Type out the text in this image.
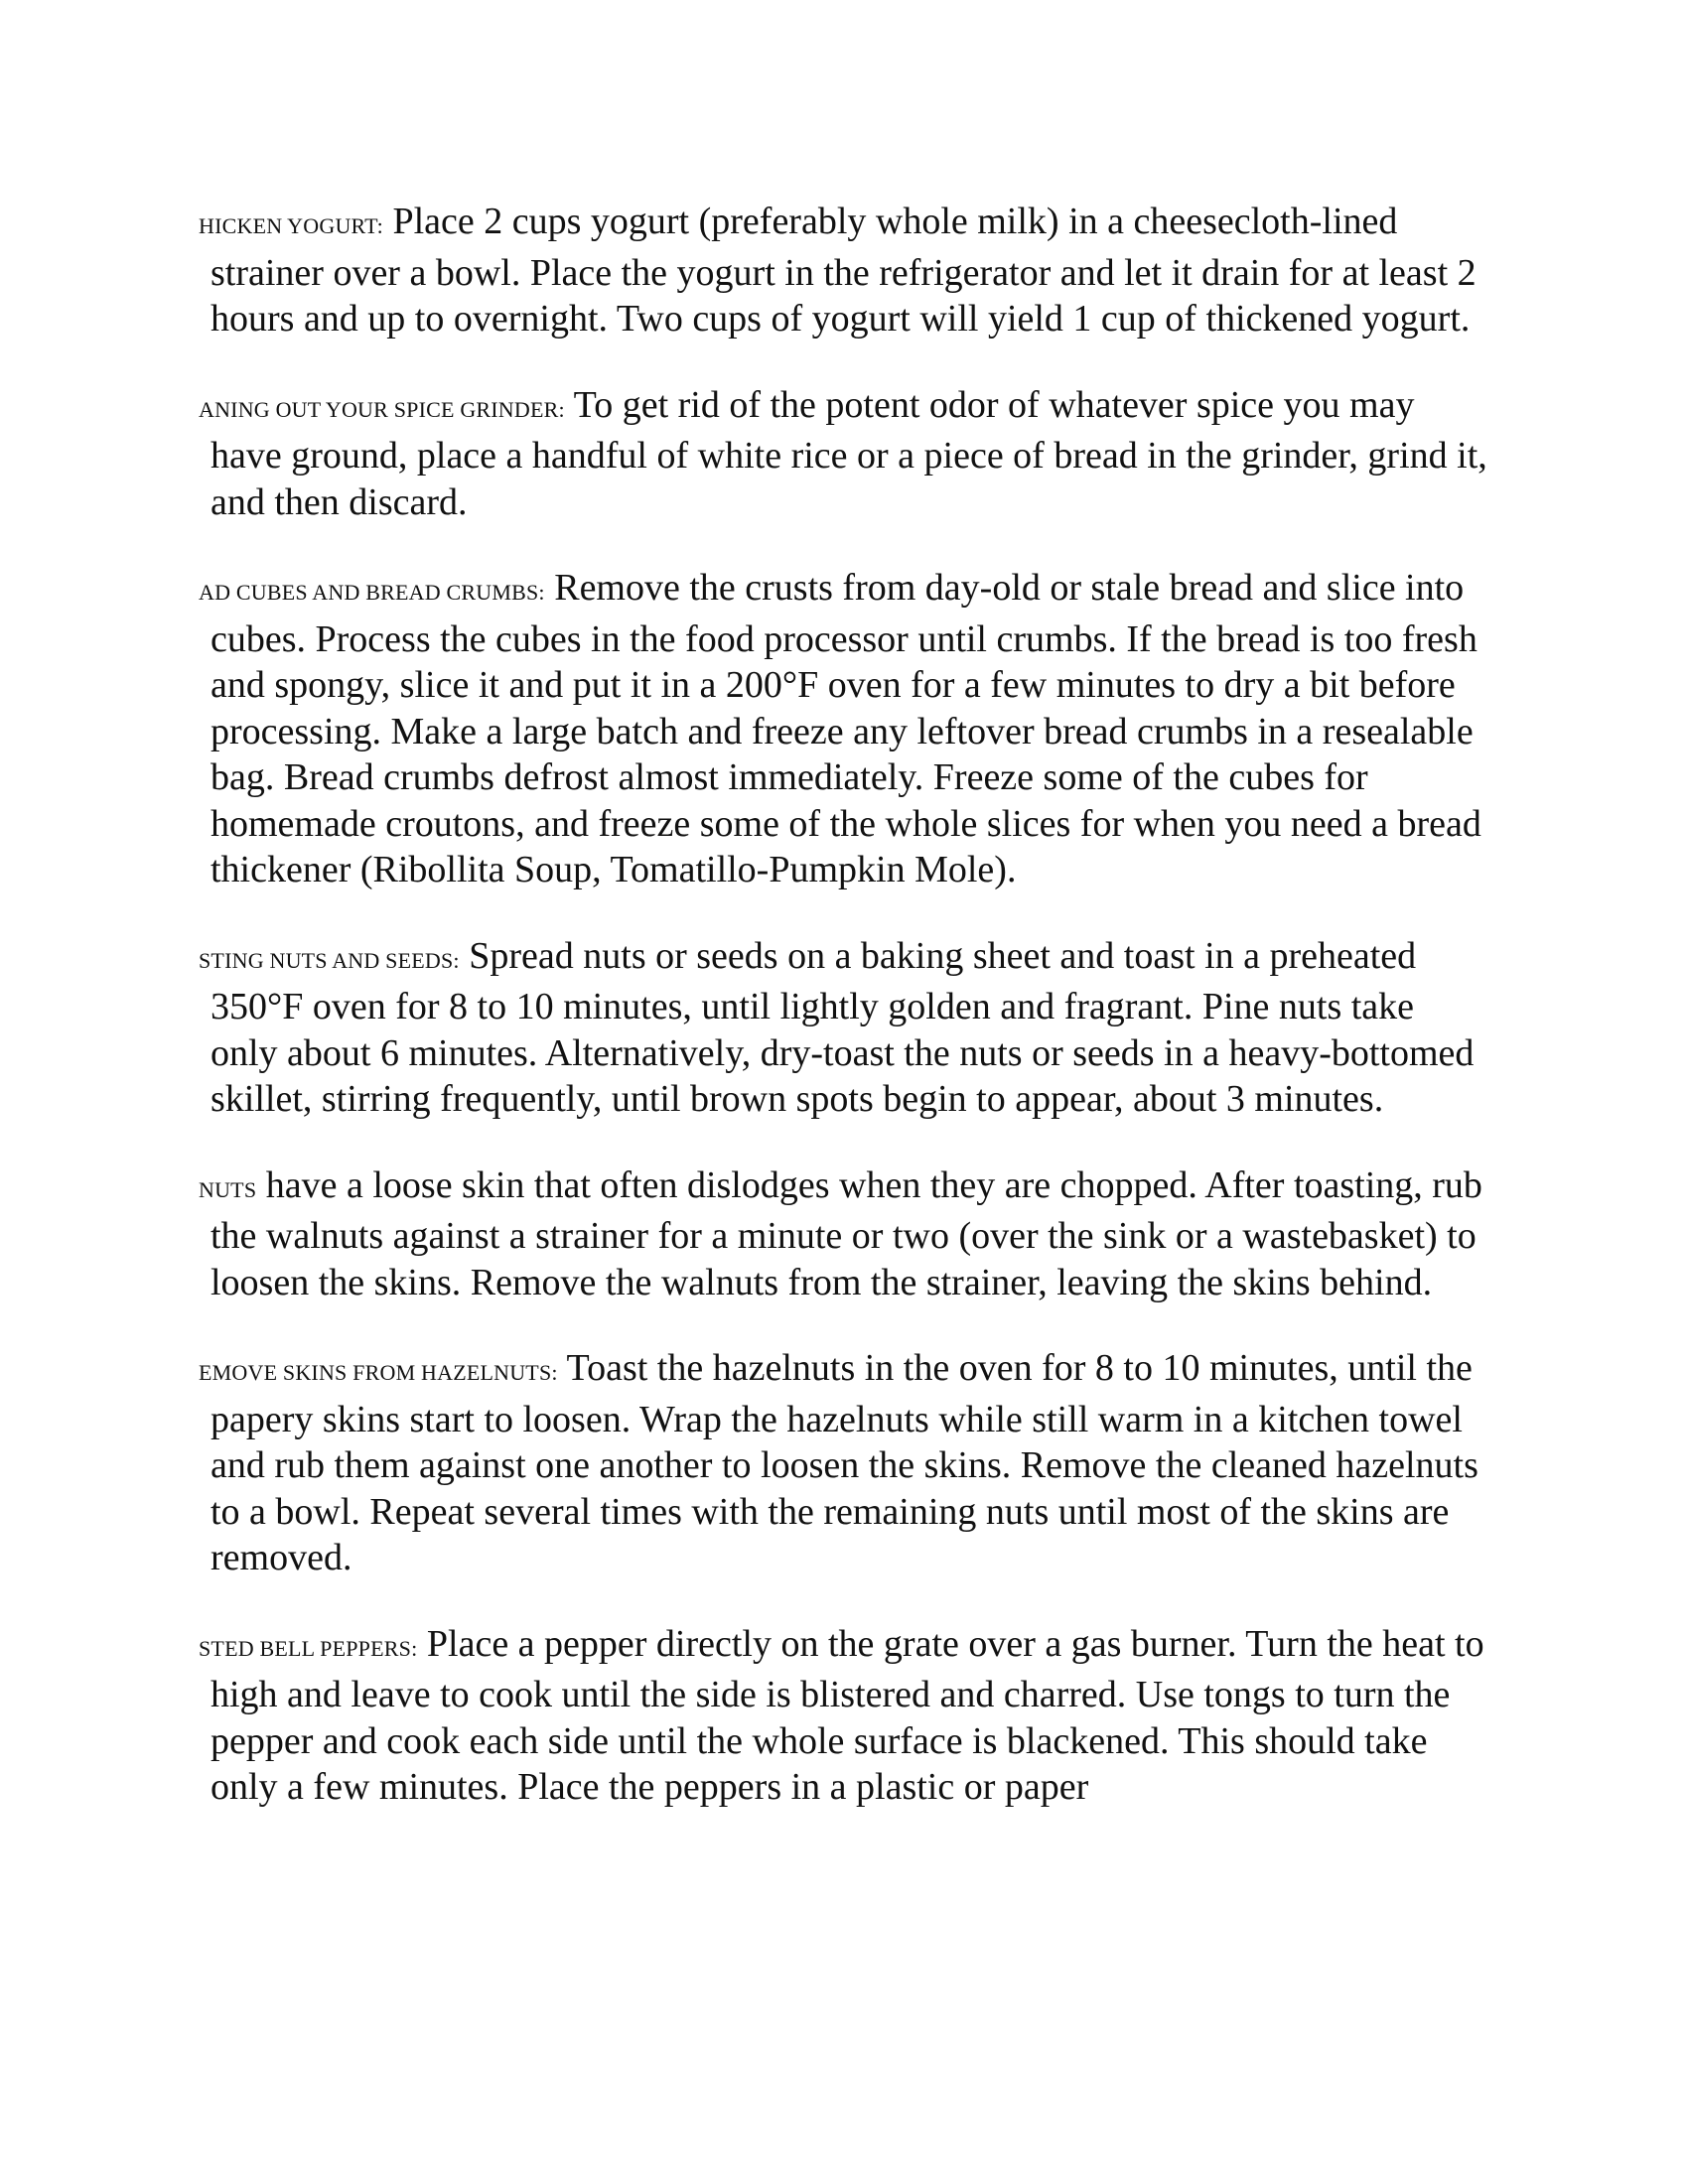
HICKEN YOGURT: Place 2 cups yogurt (preferably whole milk) in a cheesecloth-lined strainer over a bowl. Place the yogurt in the refrigerator and let it drain for at least 2 hours and up to overnight. Two cups of yogurt will yield 1 cup of thickened yogurt.

ANING OUT YOUR SPICE GRINDER: To get rid of the potent odor of whatever spice you may have ground, place a handful of white rice or a piece of bread in the grinder, grind it, and then discard.

AD CUBES AND BREAD CRUMBS: Remove the crusts from day-old or stale bread and slice into cubes. Process the cubes in the food processor until crumbs. If the bread is too fresh and spongy, slice it and put it in a 200°F oven for a few minutes to dry a bit before processing. Make a large batch and freeze any leftover bread crumbs in a resealable bag. Bread crumbs defrost almost immediately. Freeze some of the cubes for homemade croutons, and freeze some of the whole slices for when you need a bread thickener (Ribollita Soup, Tomatillo-Pumpkin Mole).

STING NUTS AND SEEDS: Spread nuts or seeds on a baking sheet and toast in a preheated 350°F oven for 8 to 10 minutes, until lightly golden and fragrant. Pine nuts take only about 6 minutes. Alternatively, dry-toast the nuts or seeds in a heavy-bottomed skillet, stirring frequently, until brown spots begin to appear, about 3 minutes.

NUTS have a loose skin that often dislodges when they are chopped. After toasting, rub the walnuts against a strainer for a minute or two (over the sink or a wastebasket) to loosen the skins. Remove the walnuts from the strainer, leaving the skins behind.

EMOVE SKINS FROM HAZELNUTS: Toast the hazelnuts in the oven for 8 to 10 minutes, until the papery skins start to loosen. Wrap the hazelnuts while still warm in a kitchen towel and rub them against one another to loosen the skins. Remove the cleaned hazelnuts to a bowl. Repeat several times with the remaining nuts until most of the skins are removed.

STED BELL PEPPERS: Place a pepper directly on the grate over a gas burner. Turn the heat to high and leave to cook until the side is blistered and charred. Use tongs to turn the pepper and cook each side until the whole surface is blackened. This should take only a few minutes. Place the peppers in a plastic or paper
